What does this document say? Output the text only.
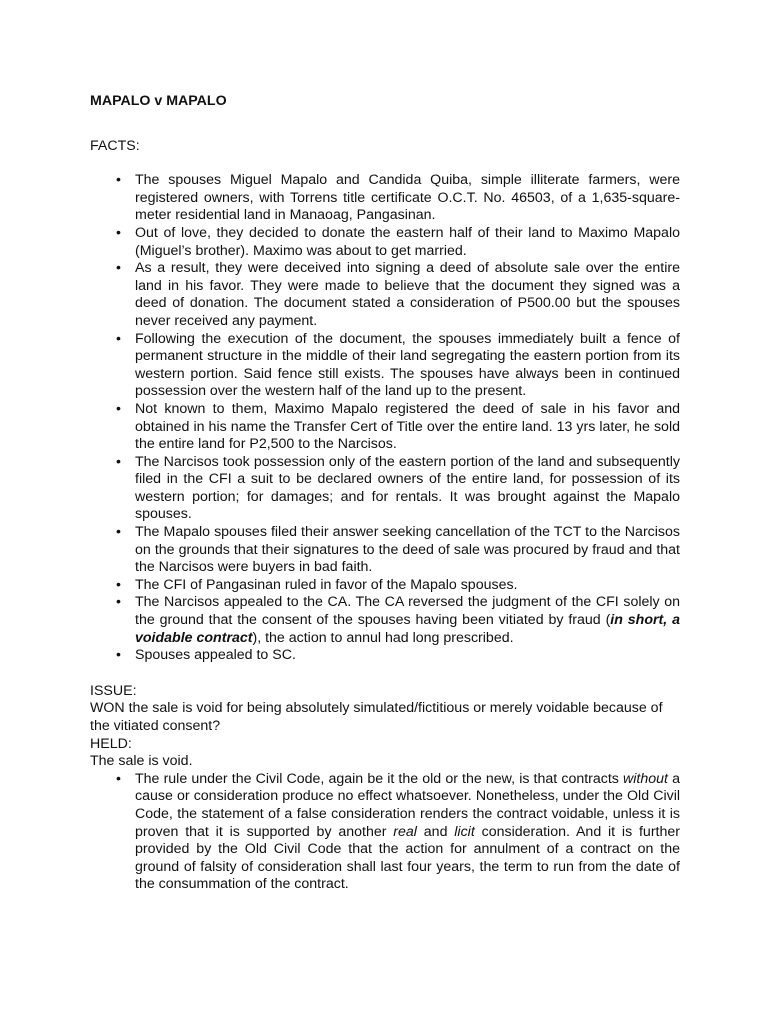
MAPALO v MAPALO

FACTS:

• The spouses Miguel Mapalo and Candida Quiba, simple illiterate farmers, were registered owners, with Torrens title certificate O.C.T. No. 46503, of a 1,635-square-meter residential land in Manaoag, Pangasinan.
• Out of love, they decided to donate the eastern half of their land to Maximo Mapalo (Miguel’s brother). Maximo was about to get married.
• As a result, they were deceived into signing a deed of absolute sale over the entire land in his favor. They were made to believe that the document they signed was a deed of donation. The document stated a consideration of P500.00 but the spouses never received any payment.
• Following the execution of the document, the spouses immediately built a fence of permanent structure in the middle of their land segregating the eastern portion from its western portion. Said fence still exists. The spouses have always been in continued possession over the western half of the land up to the present.
• Not known to them, Maximo Mapalo registered the deed of sale in his favor and obtained in his name the Transfer Cert of Title over the entire land. 13 yrs later, he sold the entire land for P2,500 to the Narcisos.
• The Narcisos took possession only of the eastern portion of the land and subsequently filed in the CFI a suit to be declared owners of the entire land, for possession of its western portion; for damages; and for rentals. It was brought against the Mapalo spouses.
• The Mapalo spouses filed their answer seeking cancellation of the TCT to the Narcisos on the grounds that their signatures to the deed of sale was procured by fraud and that the Narcisos were buyers in bad faith.
• The CFI of Pangasinan ruled in favor of the Mapalo spouses.
• The Narcisos appealed to the CA. The CA reversed the judgment of the CFI solely on the ground that the consent of the spouses having been vitiated by fraud (in short, a voidable contract), the action to annul had long prescribed.
• Spouses appealed to SC.

ISSUE:

WON the sale is void for being absolutely simulated/fictitious or merely voidable because of the vitiated consent?

HELD:

The sale is void.

• The rule under the Civil Code, again be it the old or the new, is that contracts without a cause or consideration produce no effect whatsoever. Nonetheless, under the Old Civil Code, the statement of a false consideration renders the contract voidable, unless it is proven that it is supported by another real and licit consideration. And it is further provided by the Old Civil Code that the action for annulment of a contract on the ground of falsity of consideration shall last four years, the term to run from the date of the consummation of the contract.
